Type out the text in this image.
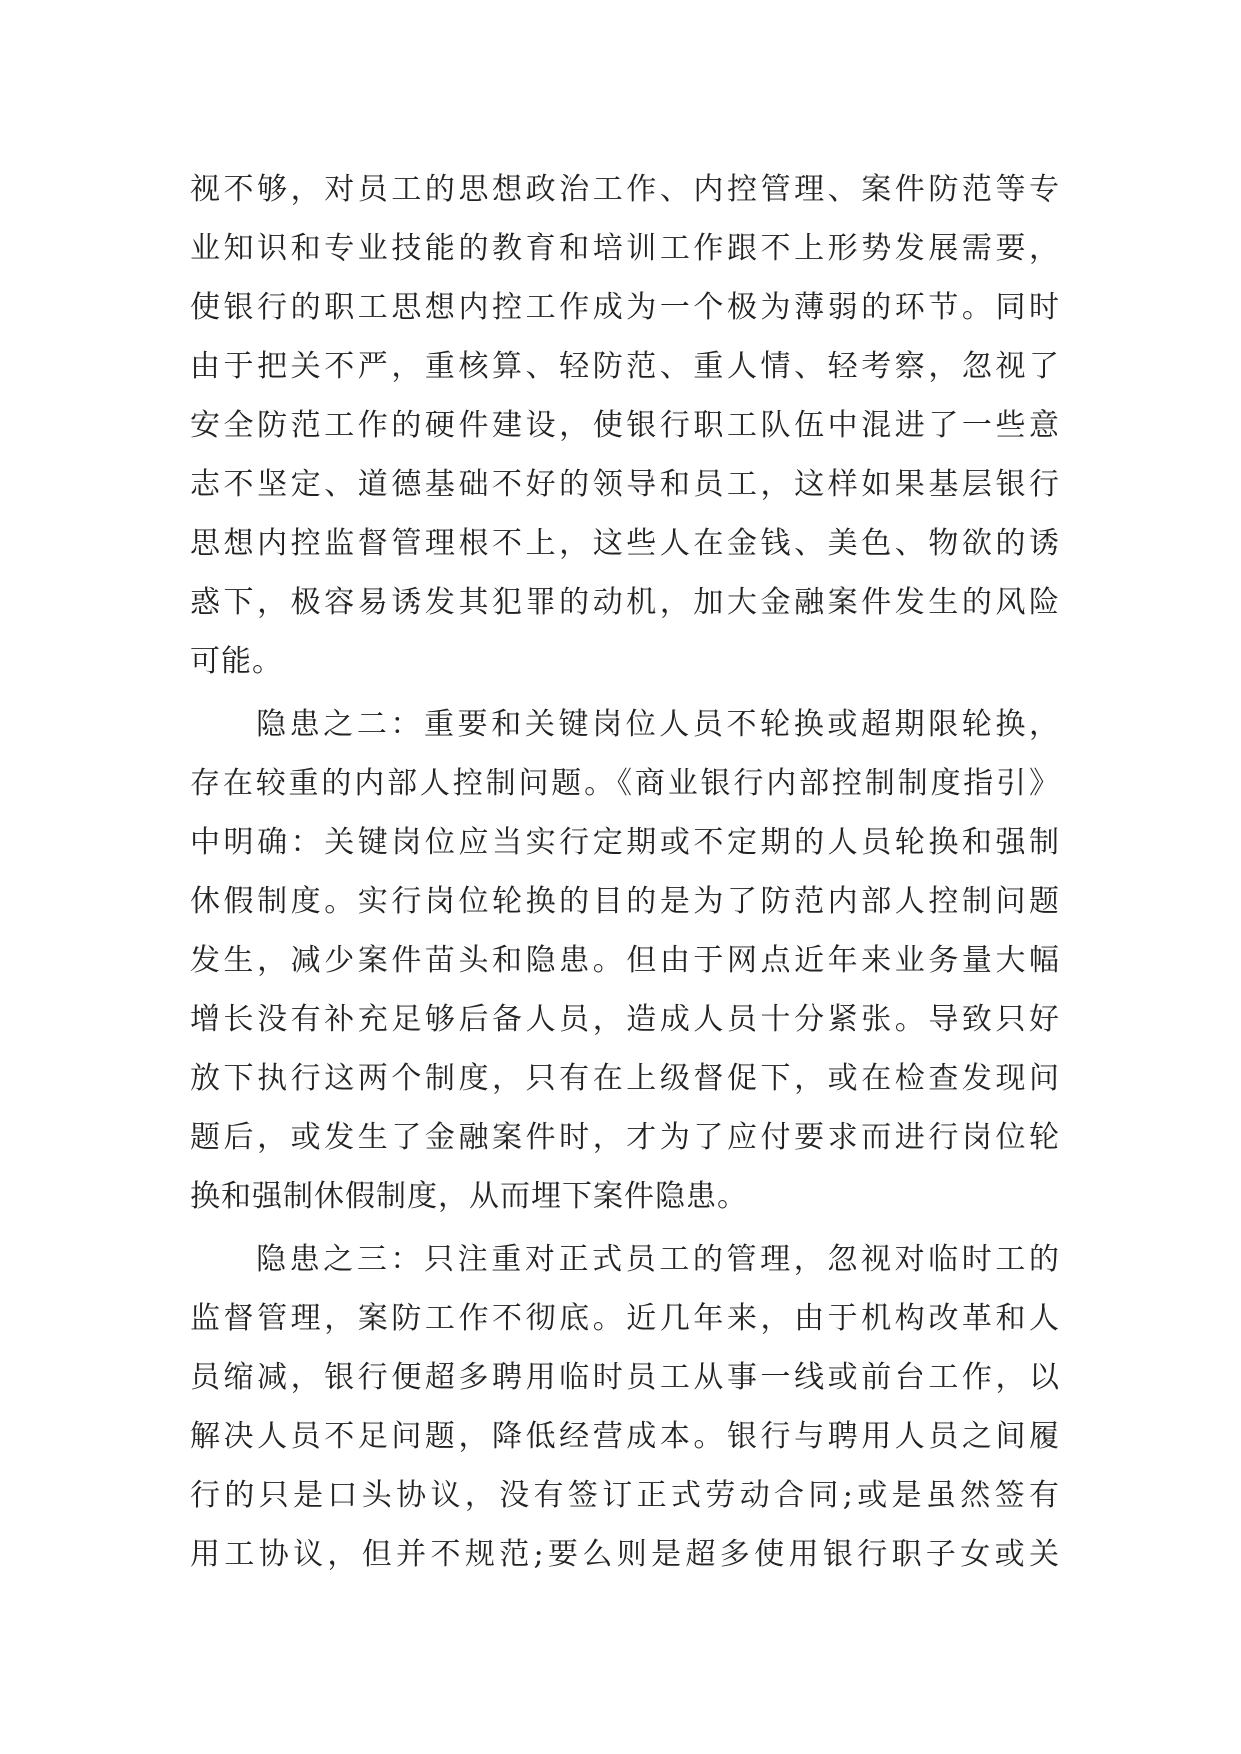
视不够，对员工的思想政治工作、内控管理、案件防范等专
业知识和专业技能的教育和培训工作跟不上形势发展需要，
使银行的职工思想内控工作成为一个极为薄弱的环节。同时
由于把关不严，重核算、轻防范、重人情、轻考察，忽视了
安全防范工作的硬件建设，使银行职工队伍中混进了一些意
志不坚定、道德基础不好的领导和员工，这样如果基层银行
思想内控监督管理根不上，这些人在金钱、美色、物欲的诱
惑下，极容易诱发其犯罪的动机，加大金融案件发生的风险
可能。
隐患之二：重要和关键岗位人员不轮换或超期限轮换，
存在较重的内部人控制问题。《商业银行内部控制制度指引》
中明确：关键岗位应当实行定期或不定期的人员轮换和强制
休假制度。实行岗位轮换的目的是为了防范内部人控制问题
发生，减少案件苗头和隐患。但由于网点近年来业务量大幅
增长没有补充足够后备人员，造成人员十分紧张。导致只好
放下执行这两个制度，只有在上级督促下，或在检查发现问
题后，或发生了金融案件时，才为了应付要求而进行岗位轮
换和强制休假制度，从而埋下案件隐患。
隐患之三：只注重对正式员工的管理，忽视对临时工的
监督管理，案防工作不彻底。近几年来，由于机构改革和人
员缩减，银行便超多聘用临时员工从事一线或前台工作，以
解决人员不足问题，降低经营成本。银行与聘用人员之间履
行的只是口头协议，没有签订正式劳动合同;或是虽然签有
用工协议，但并不规范;要么则是超多使用银行职子女或关
